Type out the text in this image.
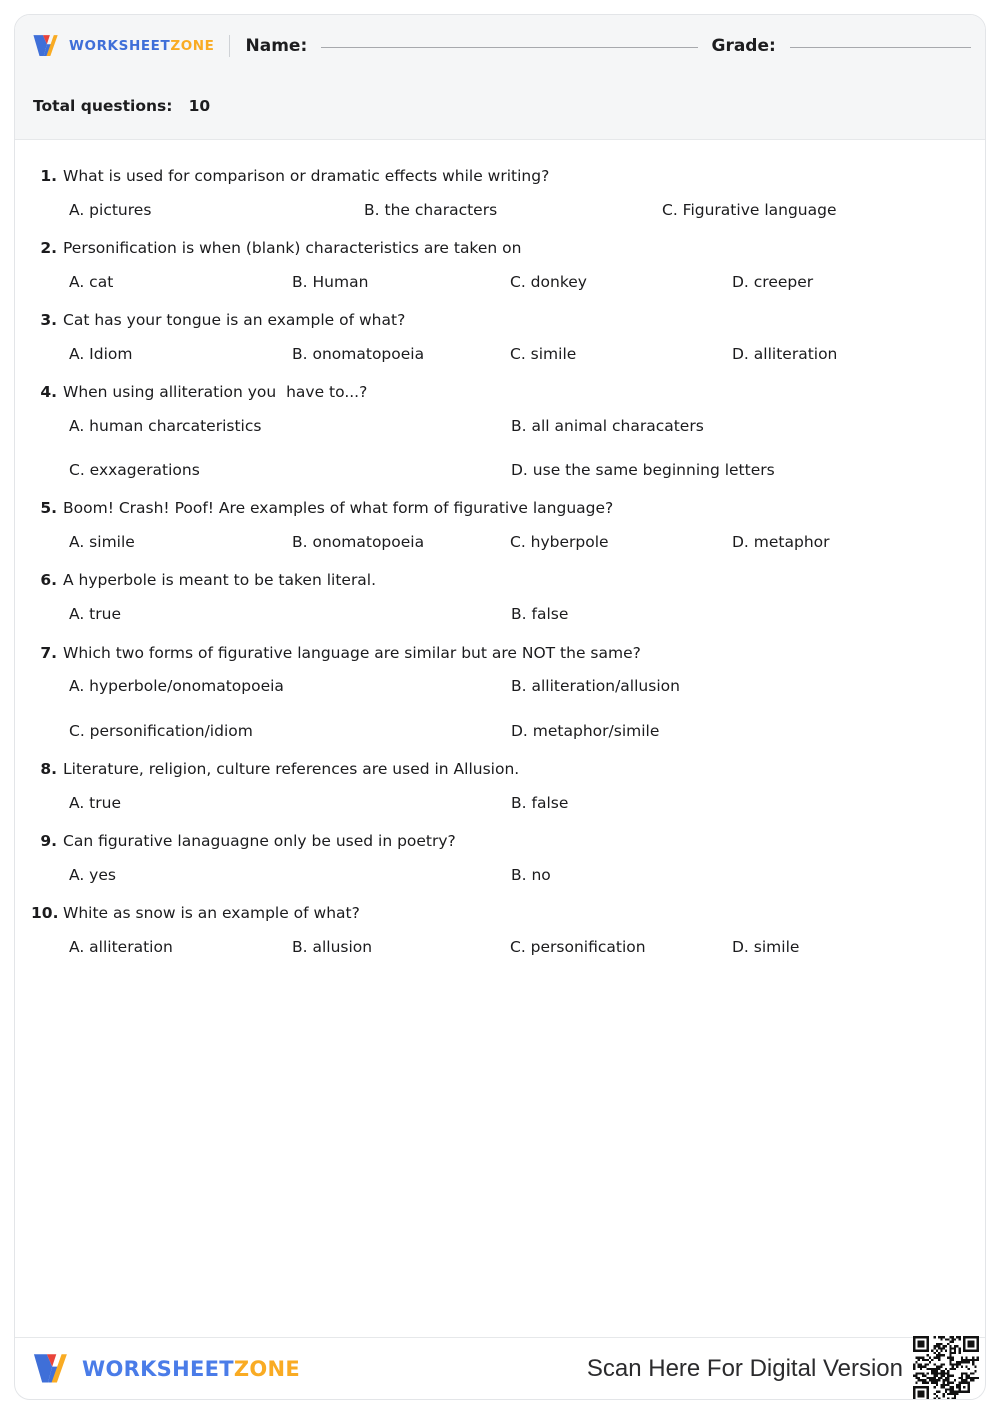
WORKSHEETZONE Name:	Grade:
Total questions:   10
1. What is used for comparison or dramatic effects while writing?
A. pictures	B. the characters	C. Figurative language
2. Personification is when (blank) characteristics are taken on
A. cat	B. Human	C. donkey	D. creeper
3. Cat has your tongue is an example of what?
A. Idiom	B. onomatopoeia	C. simile	D. alliteration
4. When using alliteration you  have to...?
A. human charcateristics	B. all animal characaters
C. exxagerations	D. use the same beginning letters
5. Boom! Crash! Poof! Are examples of what form of figurative language?
A. simile	B. onomatopoeia	C. hyberpole	D. metaphor
6. A hyperbole is meant to be taken literal.
A. true	B. false
7. Which two forms of figurative language are similar but are NOT the same?
A. hyperbole/onomatopoeia	B. alliteration/allusion
C. personification/idiom	D. metaphor/simile
8. Literature, religion, culture references are used in Allusion.
A. true	B. false
9. Can figurative lanaguagne only be used in poetry?
A. yes	B. no
10. White as snow is an example of what?
A. alliteration	B. allusion	C. personification	D. simile
WORKSHEETZONE	Scan Here For Digital Version
